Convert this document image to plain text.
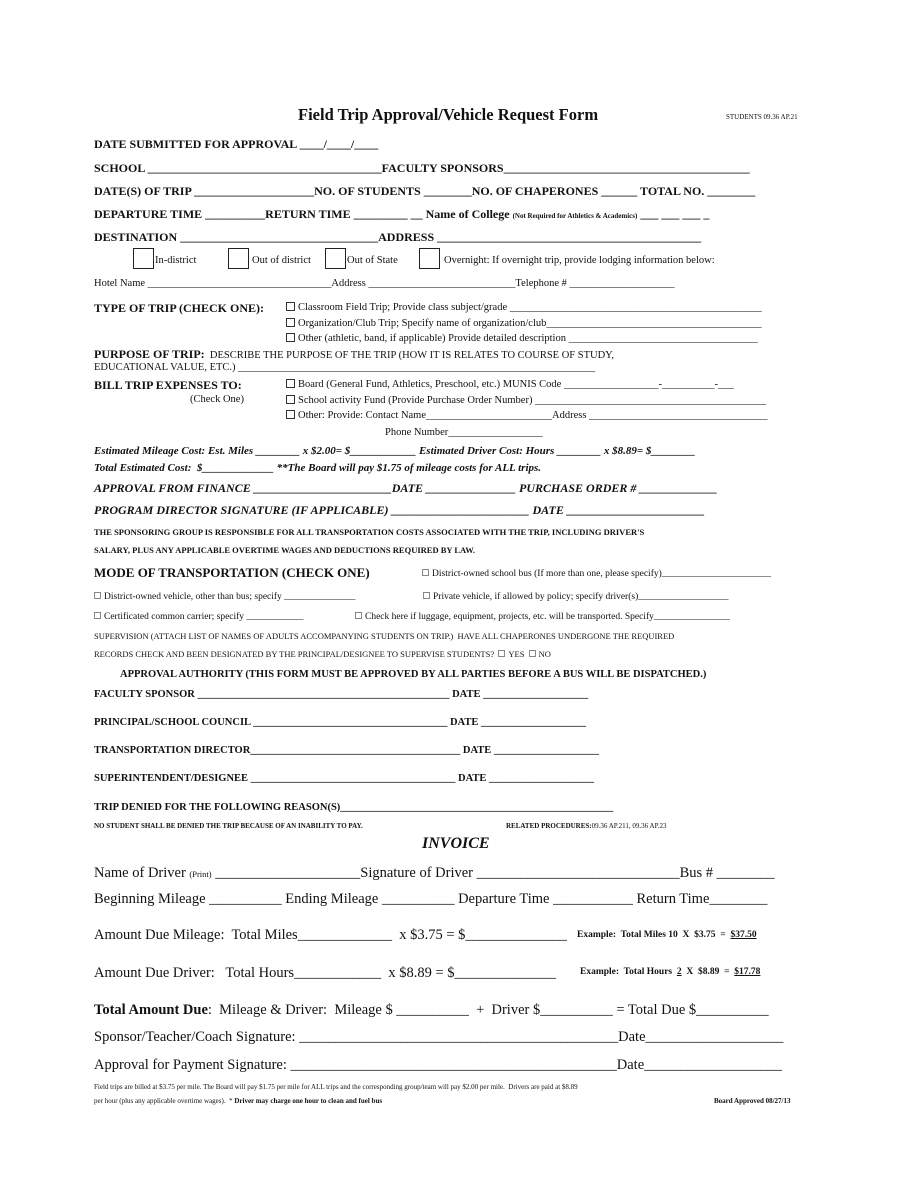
Field Trip Approval/Vehicle Request Form	STUDENTS 09.36 AP.21
DATE SUBMITTED FOR APPROVAL ____/____/____
SCHOOL _______________________________________FACULTY SPONSORS_________________________________________
DATE(S) OF TRIP ____________________NO. OF STUDENTS ________NO. OF CHAPERONES ______ TOTAL NO. ________
DEPARTURE TIME __________RETURN TIME _________ __ Name of College (Not Required for Athletics & Academics) ___ ___ ___ _
DESTINATION _________________________________ADDRESS ____________________________________________
In-district	Out of district	Out of State	Overnight: If overnight trip, provide lodging information below:
Hotel Name ___________________________________Address ____________________________Telephone # ____________________
TYPE OF TRIP (CHECK ONE):	Classroom Field Trip; Provide class subject/grade ________________________________________________
Organization/Club Trip; Specify name of organization/club_________________________________________
Other (athletic, band, if applicable) Provide detailed description ____________________________________
PURPOSE OF TRIP:  DESCRIBE THE PURPOSE OF THE TRIP (HOW IT IS RELATES TO COURSE OF STUDY,
EDUCATIONAL VALUE, ETC.) ____________________________________________________________________
BILL TRIP EXPENSES TO:	Board (General Fund, Athletics, Preschool, etc.) MUNIS Code __________________-__________-___
(Check One)	School activity Fund (Provide Purchase Order Number) ____________________________________________
Other: Provide: Contact Name________________________Address __________________________________
Phone Number__________________
Estimated Mileage Cost: Est. Miles ________ x $2.00= $____________ Estimated Driver Cost: Hours ________ x $8.89= $________
Total Estimated Cost:  $_____________ **The Board will pay $1.75 of mileage costs for ALL trips.
APPROVAL FROM FINANCE _______________________DATE _______________ PURCHASE ORDER # _____________
PROGRAM DIRECTOR SIGNATURE (IF APPLICABLE) _______________________ DATE _______________________
THE SPONSORING GROUP IS RESPONSIBLE FOR ALL TRANSPORTATION COSTS ASSOCIATED WITH THE TRIP, INCLUDING DRIVER'S
SALARY, PLUS ANY APPLICABLE OVERTIME WAGES AND DEDUCTIONS REQUIRED BY LAW.
MODE OF TRANSPORTATION (CHECK ONE)	District-owned school bus (If more than one, please specify)_______________________
District-owned vehicle, other than bus; specify _______________	Private vehicle, if allowed by policy; specify driver(s)___________________
Certificated common carrier; specify ____________	Check here if luggage, equipment, projects, etc. will be transported. Specify________________
SUPERVISION (ATTACH LIST OF NAMES OF ADULTS ACCOMPANYING STUDENTS ON TRIP.)  HAVE ALL CHAPERONES UNDERGONE THE REQUIRED
RECORDS CHECK AND BEEN DESIGNATED BY THE PRINCIPAL/DESIGNEE TO SUPERVISE STUDENTS? YES NO
APPROVAL AUTHORITY (THIS FORM MUST BE APPROVED BY ALL PARTIES BEFORE A BUS WILL BE DISPATCHED.)
FACULTY SPONSOR ________________________________________________ DATE ____________________
PRINCIPAL/SCHOOL COUNCIL _____________________________________ DATE ____________________
TRANSPORTATION DIRECTOR________________________________________ DATE ____________________
SUPERINTENDENT/DESIGNEE _______________________________________ DATE ____________________
TRIP DENIED FOR THE FOLLOWING REASON(S)____________________________________________________
NO STUDENT SHALL BE DENIED THE TRIP BECAUSE OF AN INABILITY TO PAY.	RELATED PROCEDURES:09.36 AP.211, 09.36 AP.23
INVOICE
Name of Driver (Print) ____________________Signature of Driver ____________________________Bus # ________
Beginning Mileage __________ Ending Mileage __________ Departure Time ___________ Return Time________
Amount Due Mileage:  Total Miles_____________  x $3.75 = $______________ Example:  Total Miles 10  X  $3.75  =  $37.50
Amount Due Driver:   Total Hours____________  x $8.89 = $______________	Example:  Total Hours  2  X  $8.89  =  $17.78
Total Amount Due:  Mileage & Driver:  Mileage $ __________  +  Driver $__________ = Total Due $__________
Sponsor/Teacher/Coach Signature: ____________________________________________Date___________________
Approval for Payment Signature: _____________________________________________Date___________________
Field trips are billed at $3.75 per mile. The Board will pay $1.75 per mile for ALL trips and the corresponding group/team will pay $2.00 per mile.  Drivers are paid at $8.89
per hour (plus any applicable overtime wages).  * Driver may charge one hour to clean and fuel bus	Board Approved 08/27/13
